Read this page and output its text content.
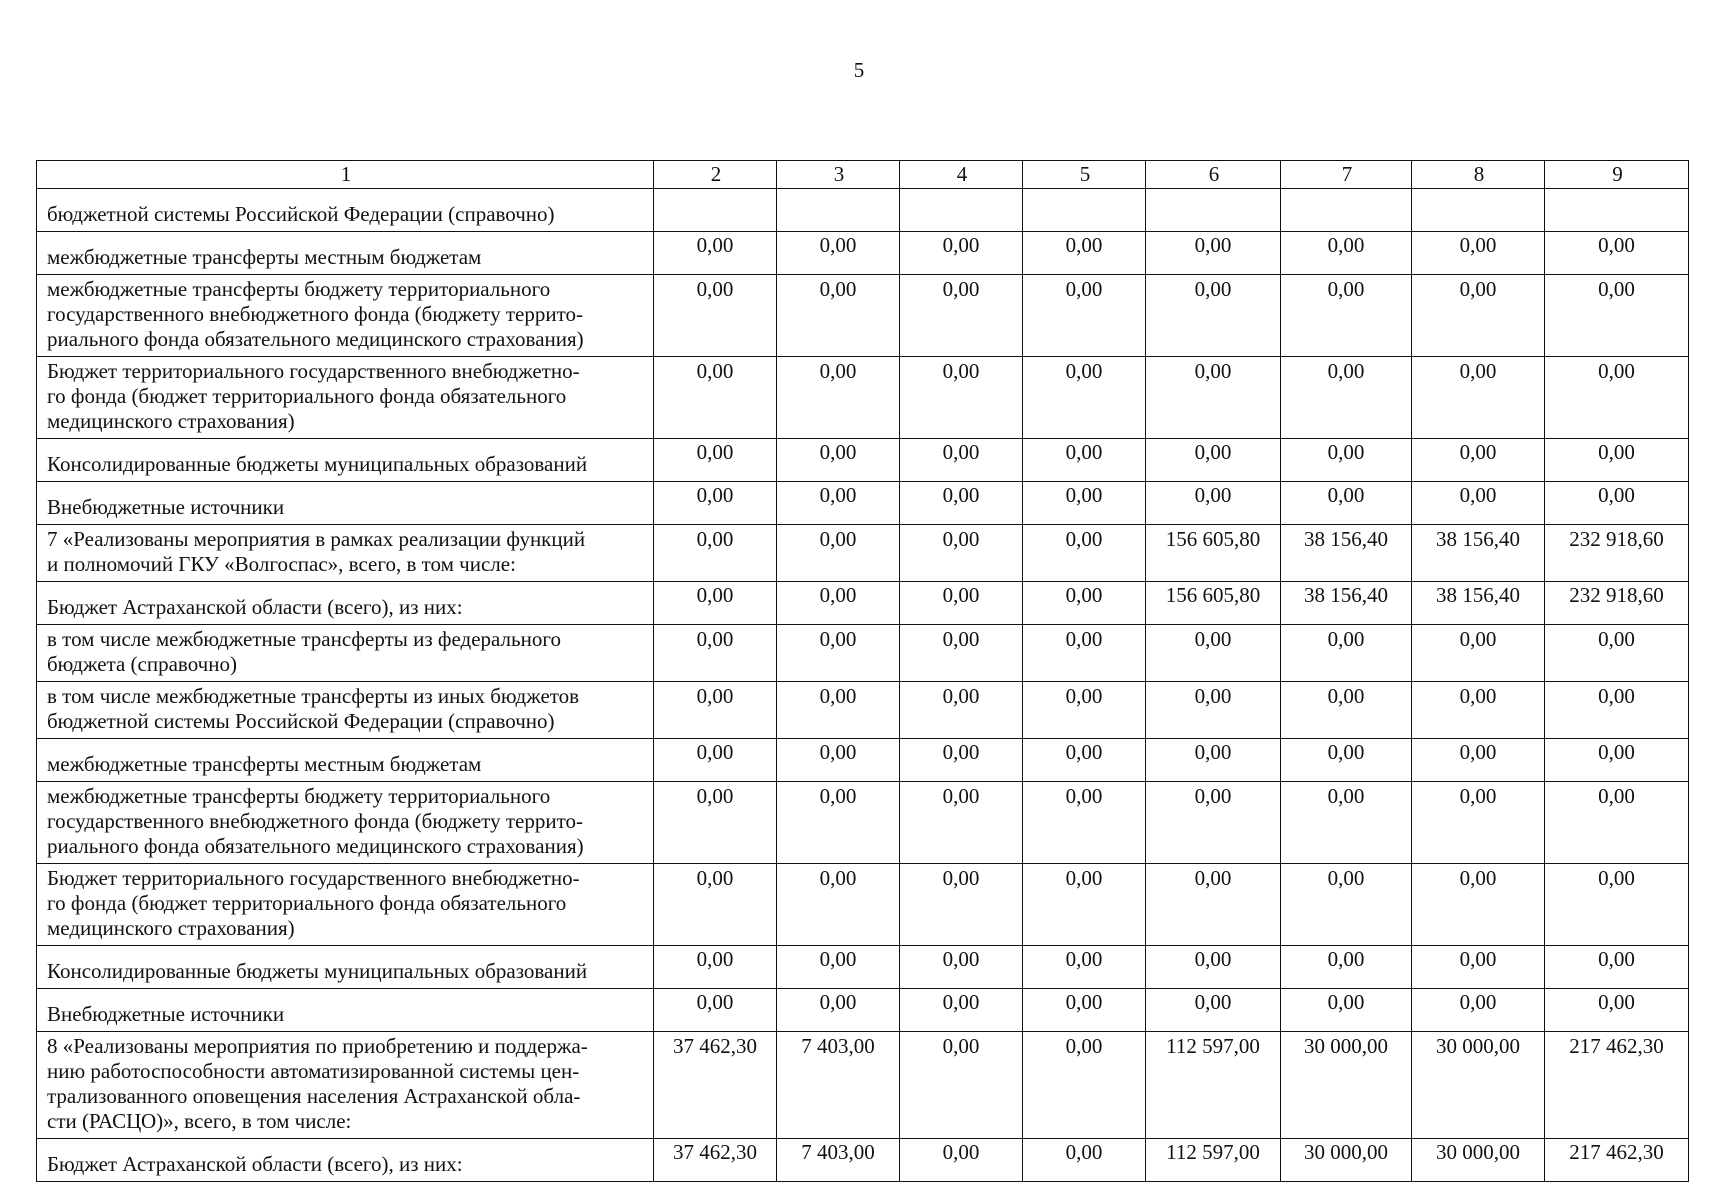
5
1	2	3	4	5	6	7	8	9
бюджетной системы Российской Федерации (справочно)								
межбюджетные трансферты местным бюджетам	0,00	0,00	0,00	0,00	0,00	0,00	0,00	0,00
межбюджетные трансферты бюджету территориального
государственного внебюджетного фонда (бюджету террито-
риального фонда обязательного медицинского страхования)	0,00	0,00	0,00	0,00	0,00	0,00	0,00	0,00
Бюджет территориального государственного внебюджетно-
го фонда (бюджет территориального фонда обязательного
медицинского страхования)	0,00	0,00	0,00	0,00	0,00	0,00	0,00	0,00
Консолидированные бюджеты муниципальных образований	0,00	0,00	0,00	0,00	0,00	0,00	0,00	0,00
Внебюджетные источники	0,00	0,00	0,00	0,00	0,00	0,00	0,00	0,00
7 «Реализованы мероприятия в рамках реализации функций
и полномочий ГКУ «Волгоспас», всего, в том числе:	0,00	0,00	0,00	0,00	156 605,80	38 156,40	38 156,40	232 918,60
Бюджет Астраханской области (всего), из них:	0,00	0,00	0,00	0,00	156 605,80	38 156,40	38 156,40	232 918,60
в том числе межбюджетные трансферты из федерального
бюджета (справочно)	0,00	0,00	0,00	0,00	0,00	0,00	0,00	0,00
в том числе межбюджетные трансферты из иных бюджетов
бюджетной системы Российской Федерации (справочно)	0,00	0,00	0,00	0,00	0,00	0,00	0,00	0,00
межбюджетные трансферты местным бюджетам	0,00	0,00	0,00	0,00	0,00	0,00	0,00	0,00
межбюджетные трансферты бюджету территориального
государственного внебюджетного фонда (бюджету террито-
риального фонда обязательного медицинского страхования)	0,00	0,00	0,00	0,00	0,00	0,00	0,00	0,00
Бюджет территориального государственного внебюджетно-
го фонда (бюджет территориального фонда обязательного
медицинского страхования)	0,00	0,00	0,00	0,00	0,00	0,00	0,00	0,00
Консолидированные бюджеты муниципальных образований	0,00	0,00	0,00	0,00	0,00	0,00	0,00	0,00
Внебюджетные источники	0,00	0,00	0,00	0,00	0,00	0,00	0,00	0,00
8 «Реализованы мероприятия по приобретению и поддержа-
нию работоспособности автоматизированной системы цен-
трализованного оповещения населения Астраханской обла-
сти (РАСЦО)», всего, в том числе:	37 462,30	7 403,00	0,00	0,00	112 597,00	30 000,00	30 000,00	217 462,30
Бюджет Астраханской области (всего), из них:	37 462,30	7 403,00	0,00	0,00	112 597,00	30 000,00	30 000,00	217 462,30
